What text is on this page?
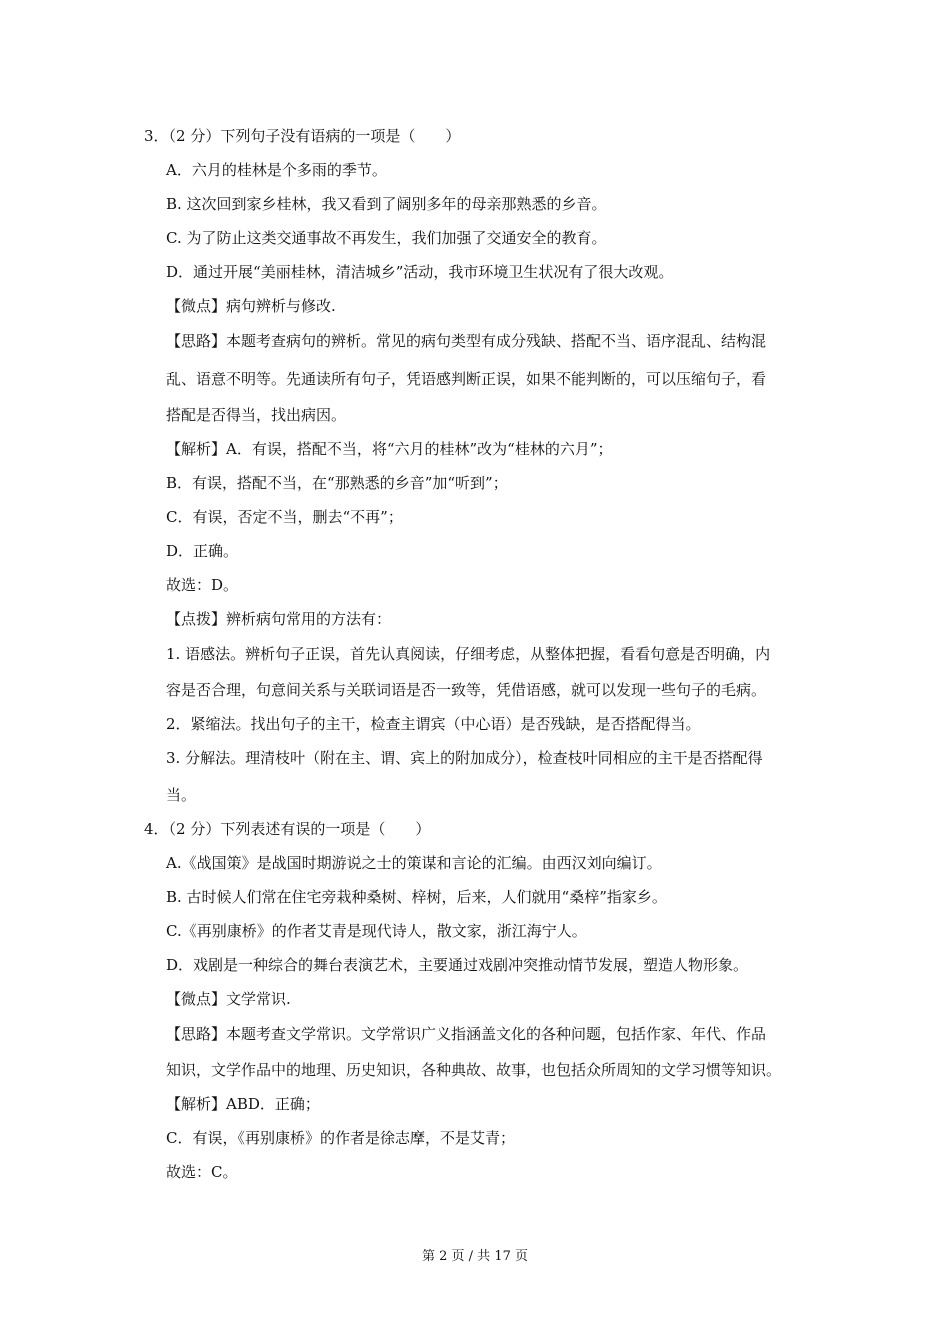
3．（2 分）下列句子没有语病的一项是（　　）
A．六月的桂林是个多雨的季节。
B. 这次回到家乡桂林，我又看到了阔别多年的母亲那熟悉的乡音。
C. 为了防止这类交通事故不再发生，我们加强了交通安全的教育。
D．通过开展“美丽桂林，清洁城乡”活动，我市环境卫生状况有了很大改观。
【微点】病句辨析与修改.
【思路】本题考查病句的辨析。常见的病句类型有成分残缺、搭配不当、语序混乱、结构混
乱、语意不明等。先通读所有句子，凭语感判断正误，如果不能判断的，可以压缩句子，看
搭配是否得当，找出病因。
【解析】A．有误，搭配不当，将“六月的桂林”改为“桂林的六月”；
B．有误，搭配不当，在“那熟悉的乡音”加“听到”；
C．有误，否定不当，删去“不再”；
D．正确。
故选：D。
【点拨】辨析病句常用的方法有：
1. 语感法。辨析句子正误，首先认真阅读，仔细考虑，从整体把握，看看句意是否明确，内
容是否合理，句意间关系与关联词语是否一致等，凭借语感，就可以发现一些句子的毛病。
2．紧缩法。找出句子的主干，检查主谓宾（中心语）是否残缺，是否搭配得当。
3. 分解法。理清枝叶（附在主、谓、宾上的附加成分），检查枝叶同相应的主干是否搭配得
当。
4．（2 分）下列表述有误的一项是（　　）
A.《战国策》是战国时期游说之士的策谋和言论的汇编。由西汉刘向编订。
B. 古时候人们常在住宅旁栽种桑树、梓树，后来，人们就用“桑梓”指家乡。
C.《再别康桥》的作者艾青是现代诗人，散文家，浙江海宁人。
D．戏剧是一种综合的舞台表演艺术，主要通过戏剧冲突推动情节发展，塑造人物形象。
【微点】文学常识.
【思路】本题考查文学常识。文学常识广义指涵盖文化的各种问题，包括作家、年代、作品
知识，文学作品中的地理、历史知识，各种典故、故事，也包括众所周知的文学习惯等知识。
【解析】ABD．正确；
C．有误，《再别康桥》的作者是徐志摩，不是艾青；
故选：C。
第 2 页 / 共 17 页
